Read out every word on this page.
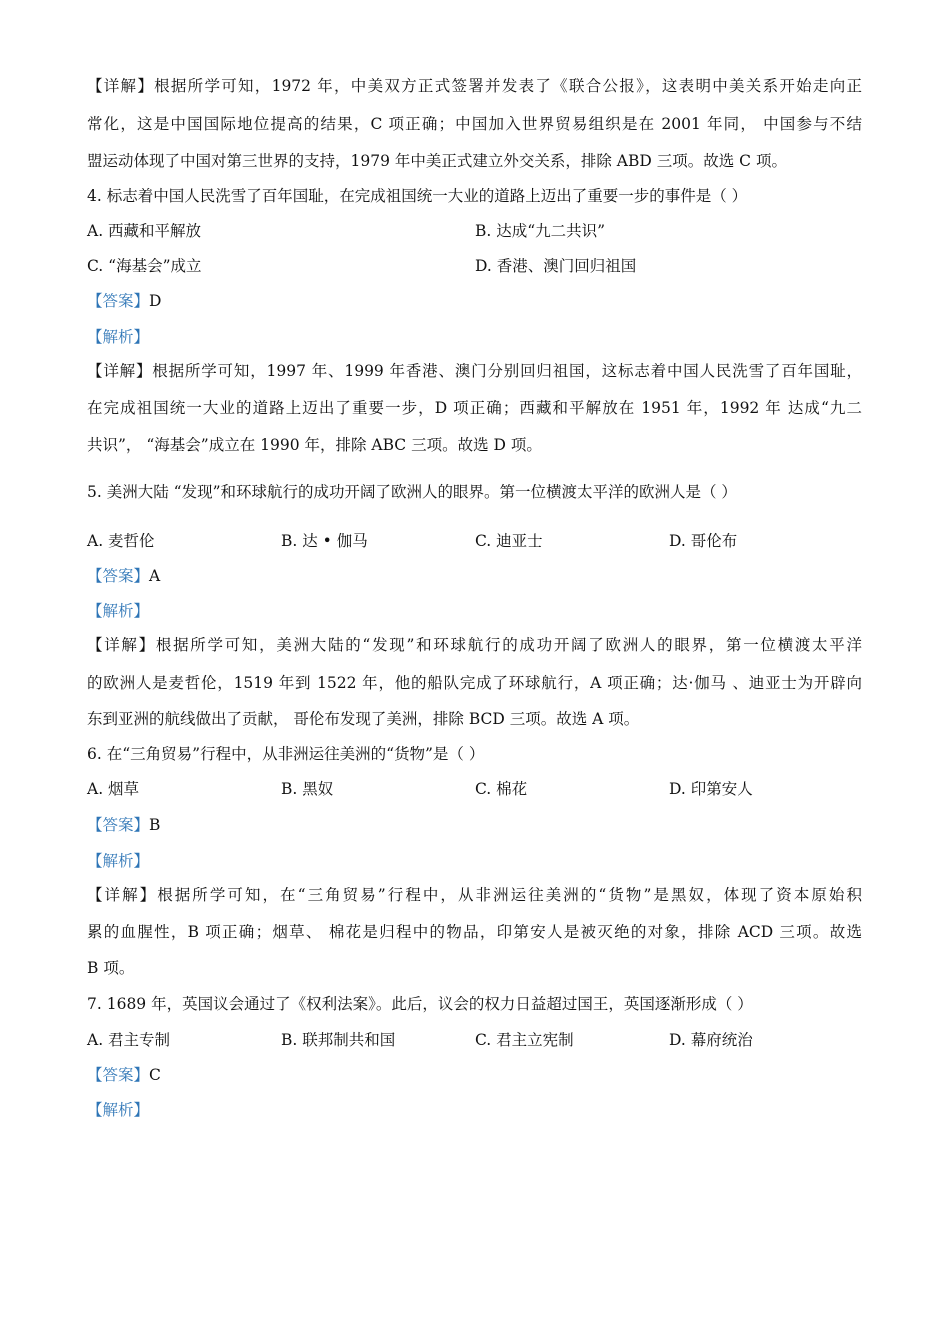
【详解】根据所学可知，1972 年，中美双方正式签署并发表了《联合公报》，这表明中美关系开始走向正
常化，这是中国国际地位提高的结果，C 项正确；中国加入世界贸易组织是在 2001 年同， 中国参与不结
盟运动体现了中国对第三世界的支持，1979 年中美正式建立外交关系，排除 ABD 三项。故选 C 项。
4. 标志着中国人民洗雪了百年国耻，在完成祖国统一大业的道路上迈出了重要一步的事件是（ ）
A. 西藏和平解放	B. 达成“九二共识”
C. “海基会”成立	D. 香港、澳门回归祖国
【答案】D
【解析】
【详解】根据所学可知，1997 年、1999 年香港、澳门分别回归祖国，这标志着中国人民洗雪了百年国耻，
在完成祖国统一大业的道路上迈出了重要一步，D 项正确；西藏和平解放在 1951 年，1992 年 达成“九二
共识”， “海基会”成立在 1990 年，排除 ABC 三项。故选 D 项。
5. 美洲大陆 “发现”和环球航行的成功开阔了欧洲人的眼界。第一位横渡太平洋的欧洲人是（ ）
A. 麦哲伦	B. 达 • 伽马	C. 迪亚士	D. 哥伦布
【答案】A
【解析】
【详解】根据所学可知，美洲大陆的“发现”和环球航行的成功开阔了欧洲人的眼界，第一位横渡太平洋
的欧洲人是麦哲伦，1519 年到 1522 年，他的船队完成了环球航行，A 项正确；达·伽马 、迪亚士为开辟向
东到亚洲的航线做出了贡献， 哥伦布发现了美洲，排除 BCD 三项。故选 A 项。
6. 在“三角贸易”行程中，从非洲运往美洲的“货物”是（ ）
A. 烟草	B. 黑奴	C. 棉花	D. 印第安人
【答案】B
【解析】
【详解】根据所学可知，在“三角贸易”行程中，从非洲运往美洲的“货物”是黑奴，体现了资本原始积
累的血腥性，B 项正确；烟草、 棉花是归程中的物品，印第安人是被灭绝的对象，排除 ACD 三项。故选
B 项。
7. 1689 年，英国议会通过了《权利法案》。此后，议会的权力日益超过国王，英国逐渐形成（ ）
A. 君主专制	B. 联邦制共和国	C. 君主立宪制	D. 幕府统治
【答案】C
【解析】
